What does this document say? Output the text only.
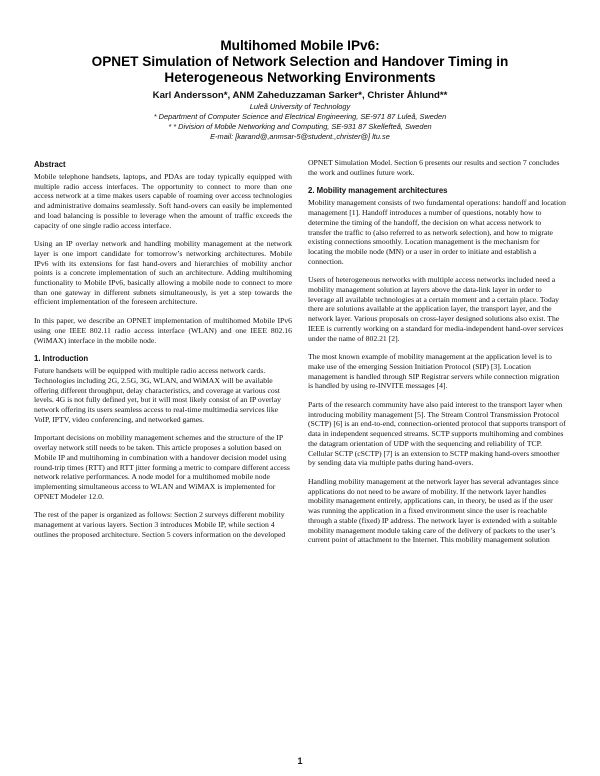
Multihomed Mobile IPv6:

OPNET Simulation of Network Selection and Handover Timing in

Heterogeneous Networking Environments

Karl Andersson*, ANM Zaheduzzaman Sarker*, Christer Åhlund**

Luleå University of Technology

* Department of Computer Science and Electrical Engineering, SE-971 87 Luleå, Sweden

* * Division of Mobile Networking and Computing, SE-931 87 Skellefteå, Sweden

E-mail: [karand@,anmsar-5@student.,christer@] ltu.se

Abstract

Mobile telephone handsets, laptops, and PDAs are today typically equipped with multiple radio access interfaces. The opportunity to connect to more than one access network at a time makes users capable of roaming over access technologies and administrative domains seamlessly. Soft hand-overs can easily be implemented and load balancing is possible to leverage when the amount of traffic exceeds the capacity of one single radio access interface.

Using an IP overlay network and handling mobility management at the network layer is one import candidate for tomorrow’s networking architectures. Mobile IPv6 with its extensions for fast hand-overs and hierarchies of mobility anchor points is a concrete implementation of such an architecture. Adding multihoming functionality to Mobile IPv6, basically allowing a mobile node to connect to more than one gateway in different subnets simultaneously, is yet a step towards the efficient implementation of the foreseen architecture.

In this paper, we describe an OPNET implementation of multihomed Mobile IPv6 using one IEEE 802.11 radio access interface (WLAN) and one IEEE 802.16 (WiMAX) interface in the mobile node.

1. Introduction

Future handsets will be equipped with multiple radio access network cards. Technologies including 2G, 2.5G, 3G, WLAN, and WiMAX will be available offering different throughput, delay characteristics, and coverage at various cost levels. 4G is not fully defined yet, but it will most likely consist of an IP overlay network offering its users seamless access to real-time multimedia services like VoIP, IPTV, video conferencing, and networked games.

Important decisions on mobility management schemes and the structure of the IP overlay network still needs to be taken. This article proposes a solution based on Mobile IP and multihoming in combination with a handover decision model using round-trip times (RTT) and RTT jitter forming a metric to compare different access network relative performances. A node model for a multihomed mobile node implementing simultaneous access to WLAN and WiMAX is implemented for OPNET Modeler 12.0.

The rest of the paper is organized as follows: Section 2 surveys different mobility management at various layers. Section 3 introduces Mobile IP, while section 4 outlines the proposed architecture. Section 5 covers information on the developed

OPNET Simulation Model. Section 6 presents our results and section 7 concludes the work and outlines future work.

2. Mobility management architectures

Mobility management consists of two fundamental operations: handoff and location management [1]. Handoff introduces a number of questions, notably how to determine the timing of the handoff, the decision on what access network to transfer the traffic to (also referred to as network selection), and how to migrate existing connections smoothly. Location management is the mechanism for locating the mobile node (MN) or a user in order to initiate and establish a connection.

Users of heterogeneous networks with multiple access networks included need a mobility management solution at layers above the data-link layer in order to leverage all available technologies at a certain moment and a certain place. Today there are solutions available at the application layer, the transport layer, and the network layer. Various proposals on cross-layer designed solutions also exist. The IEEE is currently working on a standard for media-independent hand-over services under the name of 802.21 [2].

The most known example of mobility management at the application level is to make use of the emerging Session Initiation Protocol (SIP) [3]. Location management is handled through SIP Registrar servers while connection migration is handled by using re-INVITE messages [4].

Parts of the research community have also paid interest to the transport layer when introducing mobility management [5]. The Stream Control Transmission Protocol (SCTP) [6] is an end-to-end, connection-oriented protocol that supports transport of data in independent sequenced streams. SCTP supports multihoming and combines the datagram orientation of UDP with the sequencing and reliability of TCP. Cellular SCTP (cSCTP) [7] is an extension to SCTP making hand-overs smoother by sending data via multiple paths during hand-overs.

Handling mobility management at the network layer has several advantages since applications do not need to be aware of mobility. If the network layer handles mobility management entirely, applications can, in theory, be used as if the user was running the application in a fixed environment since the user is reachable through a stable (fixed) IP address. The network layer is extended with a suitable mobility management module taking care of the delivery of packets to the user’s current point of attachment to the Internet. This mobility management solution

1
